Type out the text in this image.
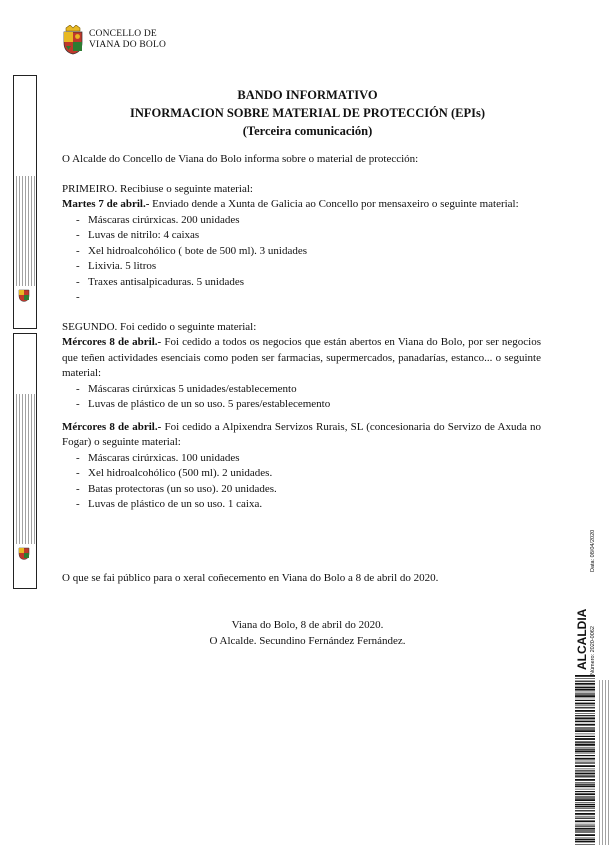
CONCELLO DE
VIANA DO BOLO
BANDO INFORMATIVO
INFORMACION SOBRE MATERIAL DE PROTECCIÓN (EPIs)
(Terceira comunicación)

O Alcalde do Concello de Viana do Bolo informa sobre o material de protección:

PRIMEIRO. Recibiuse o seguinte material:

Martes 7 de abril.- Enviado dende a Xunta de Galicia ao Concello por mensaxeiro o seguinte material:

- Máscaras cirúrxicas. 200 unidades
- Luvas de nitrilo: 4 caixas
- Xel hidroalcohólico ( bote de 500 ml). 3 unidades
- Lixivia. 5 litros
- Traxes antisalpicaduras. 5 unidades
-

SEGUNDO. Foi cedido o seguinte material:

Mércores 8 de abril.- Foi cedido a todos os negocios que están abertos en Viana do Bolo, por ser negocios que teñen actividades esenciais como poden ser farmacias, supermercados, panadarías, estanco... o seguinte material:

- Máscaras cirúrxicas 5 unidades/establecemento
- Luvas de plástico de un so uso. 5 pares/establecemento

Mércores 8 de abril.- Foi cedido a Alpixendra Servizos Rurais, SL (concesionaria do Servizo de Axuda no Fogar) o seguinte material:

- Máscaras cirúrxicas. 100 unidades
- Xel hidroalcohólico (500 ml). 2 unidades.
- Batas protectoras (un so uso). 20 unidades.
- Luvas de plástico de un so uso. 1 caixa.

O que se fai público para o xeral coñecemento en Viana do Bolo a 8 de abril do 2020.

Viana do Bolo, 8 de abril do 2020.
O Alcalde. Secundino Fernández Fernández.
Data: 08/04/2020
ALCALDIA Número: 2020-0062
